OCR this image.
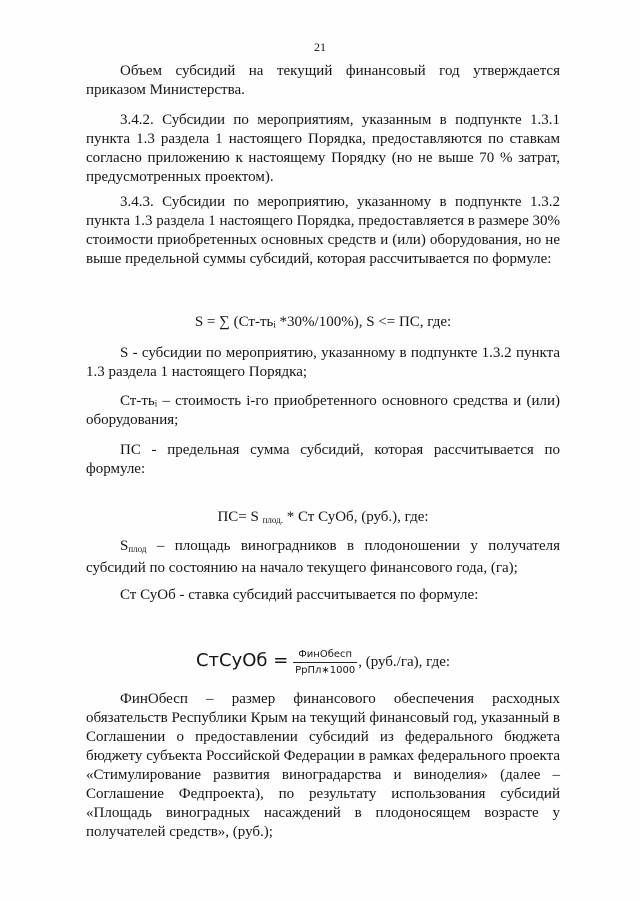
21

Объем субсидий на текущий финансовый год утверждается приказом Министерства.

3.4.2. Субсидии по мероприятиям, указанным в подпункте 1.3.1 пункта 1.3 раздела 1 настоящего Порядка, предоставляются по ставкам согласно приложению к настоящему Порядку (но не выше 70 % затрат, предусмотренных проектом).

3.4.3. Субсидии по мероприятию, указанному в подпункте 1.3.2 пункта 1.3 раздела 1 настоящего Порядка, предоставляется в размере 30% стоимости приобретенных основных средств и (или) оборудования, но не выше предельной суммы субсидий, которая рассчитывается по формуле:

S = ∑ (Ст-тьᵢ *30%/100%), S <= ПС, где:

S - субсидии по мероприятию, указанному в подпункте 1.3.2 пункта 1.3 раздела 1 настоящего Порядка;

Ст-тьᵢ – стоимость i-го приобретенного основного средства и (или) оборудования;

ПС - предельная сумма субсидий, которая рассчитывается по формуле:

ПС= S $_{плод.}$ * Ст СуОб, (руб.), где:

$S_{плод}$ – площадь виноградников в плодоношении у получателя субсидий по состоянию на начало текущего финансового года, (га);

Ст СуОб - ставка субсидий рассчитывается по формуле:

СтСуОб = $\frac{\text{ФинОбесп}}{\text{РрПл∗1000}}$ , (руб./га), где:

ФинОбесп – размер финансового обеспечения расходных обязательств Республики Крым на текущий финансовый год, указанный в Соглашении о предоставлении субсидий из федерального бюджета бюджету субъекта Российской Федерации в рамках федерального проекта «Стимулирование развития виноградарства и виноделия» (далее – Соглашение Федпроекта), по результату использования субсидий «Площадь виноградных насаждений в плодоносящем возрасте у получателей средств», (руб.);
